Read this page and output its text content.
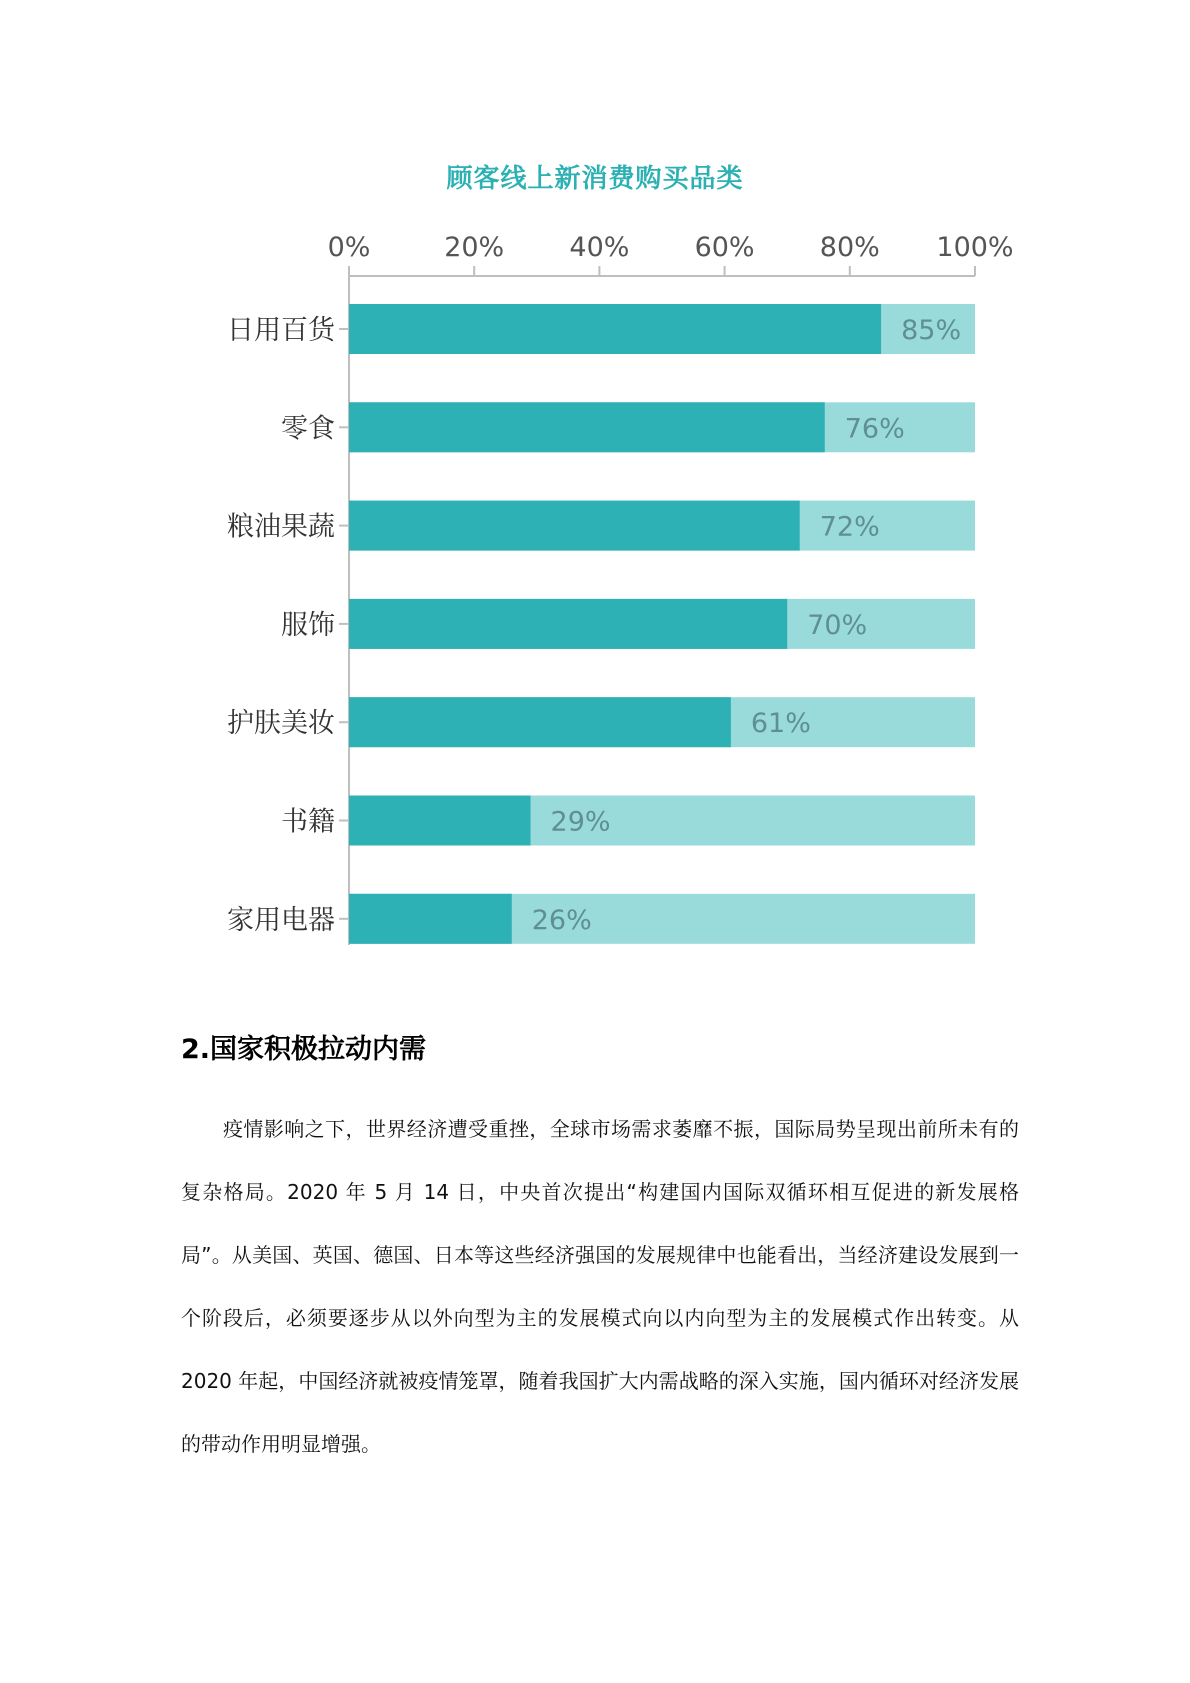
顾客线上新消费购买品类
0%	20% 40% 60% 80% 100%
日用百货	85%
零食	76%
粮油果蔬	72%
服饰	70%
护肤美妆	61%
书籍	29%
家用电器	26%
2.国家积极拉动内需

疫情影响之下，世界经济遭受重挫，全球市场需求萎靡不振，国际局势呈现出前所未有的复杂格局。2020 年 5 月 14 日，中央首次提出“构建国内国际双循环相互促进的新发展格局”。从美国、英国、德国、日本等这些经济强国的发展规律中也能看出，当经济建设发展到一个阶段后，必须要逐步从以外向型为主的发展模式向以内向型为主的发展模式作出转变。从 2020 年起，中国经济就被疫情笼罩，随着我国扩大内需战略的深入实施，国内循环对经济发展的带动作用明显增强。
